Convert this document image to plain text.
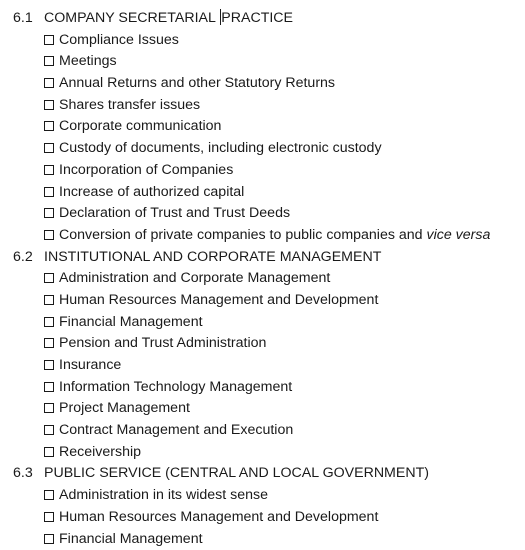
6.1 COMPANY SECRETARIAL PRACTICE
Compliance Issues
Meetings
Annual Returns and other Statutory Returns
Shares transfer issues
Corporate communication
Custody of documents, including electronic custody
Incorporation of Companies
Increase of authorized capital
Declaration of Trust and Trust Deeds
Conversion of private companies to public companies and vice versa
6.2 INSTITUTIONAL AND CORPORATE MANAGEMENT
Administration and Corporate Management
Human Resources Management and Development
Financial Management
Pension and Trust Administration
Insurance
Information Technology Management
Project Management
Contract Management and Execution
Receivership
6.3 PUBLIC SERVICE (CENTRAL AND LOCAL GOVERNMENT)
Administration in its widest sense
Human Resources Management and Development
Financial Management
